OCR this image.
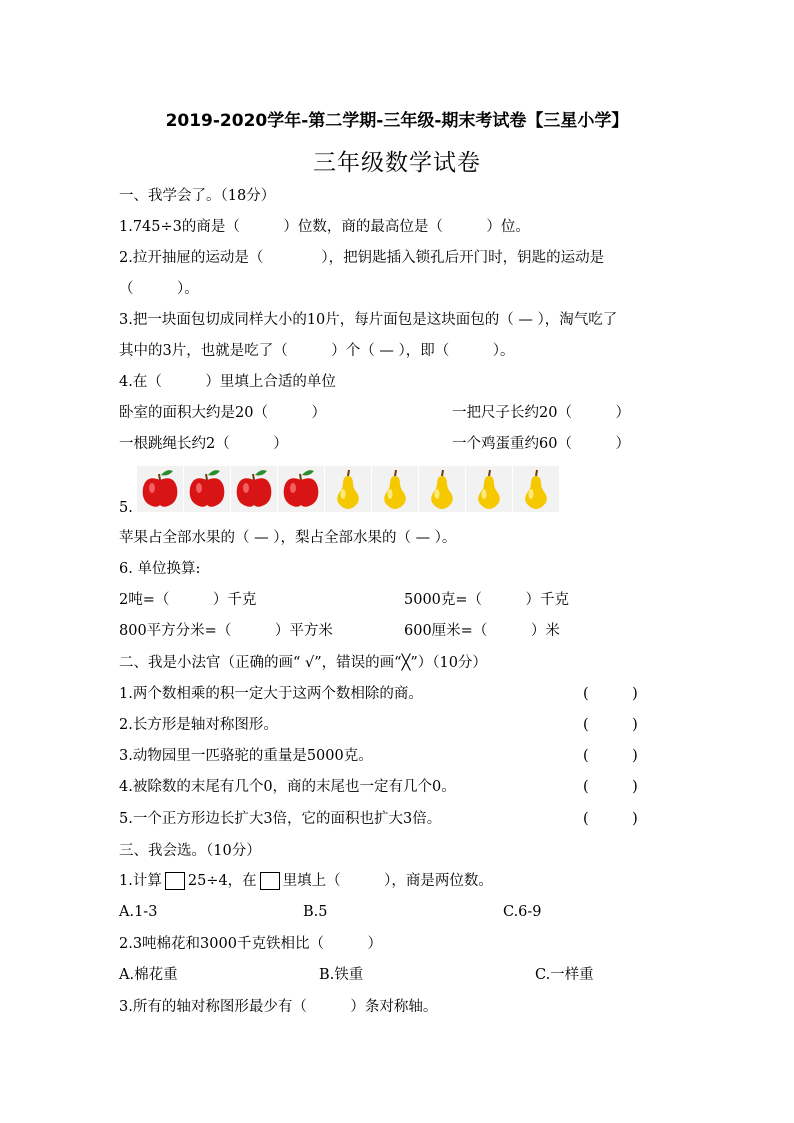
2019-2020学年-第二学期-三年级-期末考试卷【三星小学】
三年级数学试卷
一、我学会了。（18分）
1.745÷3的商是（　　　）位数，商的最高位是（　　　）位。
2.拉开抽屉的运动是（　　　　），把钥匙插入锁孔后开门时，钥匙的运动是
（　　　）。
3.把一块面包切成同样大小的10片，每片面包是这块面包的（ — ），淘气吃了
其中的3片，也就是吃了（　　　）个（ — ），即（　　　）。
4.在（　　　）里填上合适的单位
卧室的面积大约是20（　　　）	一把尺子长约20（　　　）
一根跳绳长约2（　　　）	一个鸡蛋重约60（　　　）
5.
苹果占全部水果的（ — ），梨占全部水果的（ — ）。
6. 单位换算:
2吨=（　　　）千克	5000克=（　　　）千克
800平方分米=（　　　）平方米	600厘米=（　　　）米
二、我是小法官（正确的画“ √”，错误的画“╳”）（10分）
1.两个数相乘的积一定大于这两个数相除的商。	(　　　)
2.长方形是轴对称图形。	(　　　)
3.动物园里一匹骆驼的重量是5000克。	(　　　)
4.被除数的末尾有几个0，商的末尾也一定有几个0。	(　　　)
5.一个正方形边长扩大3倍，它的面积也扩大3倍。	(　　　)
三、我会选。（10分）
1.计算 25÷4，在 里填上（　　　），商是两位数。
A.1-3	B.5	C.6-9
2.3吨棉花和3000千克铁相比（　　　）
A.棉花重	B.铁重	C.一样重
3.所有的轴对称图形最少有（　　　）条对称轴。
